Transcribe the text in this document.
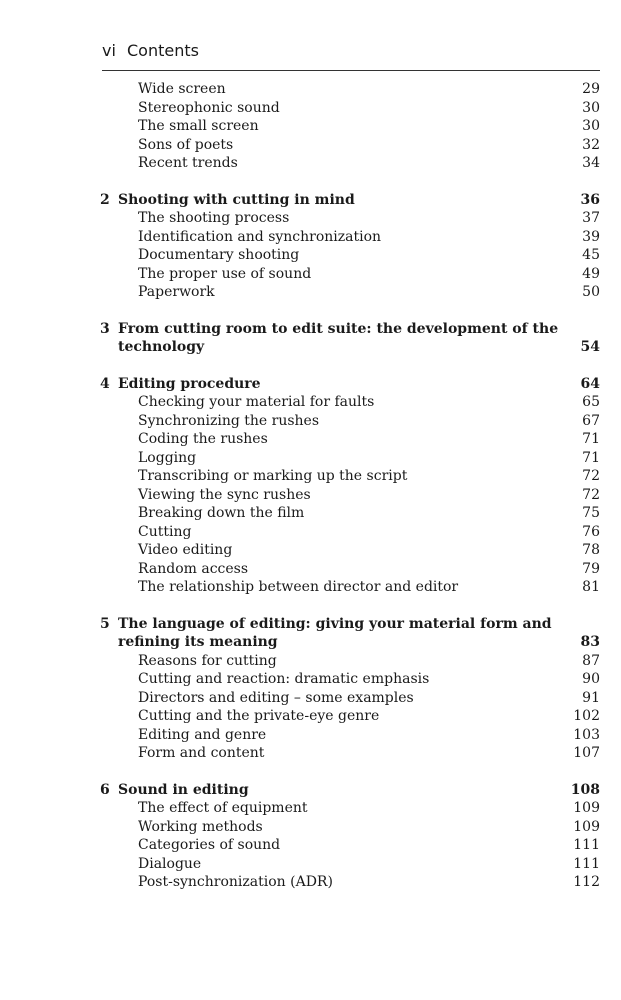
vi Contents
Wide screen	29
Stereophonic sound	30
The small screen	30
Sons of poets	32
Recent trends	34
2 Shooting with cutting in mind	36
The shooting process	37
Identification and synchronization	39
Documentary shooting	45
The proper use of sound	49
Paperwork	50
3 From cutting room to edit suite: the development of the
technology	54
4 Editing procedure	64
Checking your material for faults	65
Synchronizing the rushes	67
Coding the rushes	71
Logging	71
Transcribing or marking up the script	72
Viewing the sync rushes	72
Breaking down the film	75
Cutting	76
Video editing	78
Random access	79
The relationship between director and editor	81
5 The language of editing: giving your material form and
refining its meaning	83
Reasons for cutting	87
Cutting and reaction: dramatic emphasis	90
Directors and editing – some examples	91
Cutting and the private-eye genre	102
Editing and genre	103
Form and content	107
6 Sound in editing	108
The effect of equipment	109
Working methods	109
Categories of sound	111
Dialogue	111
Post-synchronization (ADR)	112
